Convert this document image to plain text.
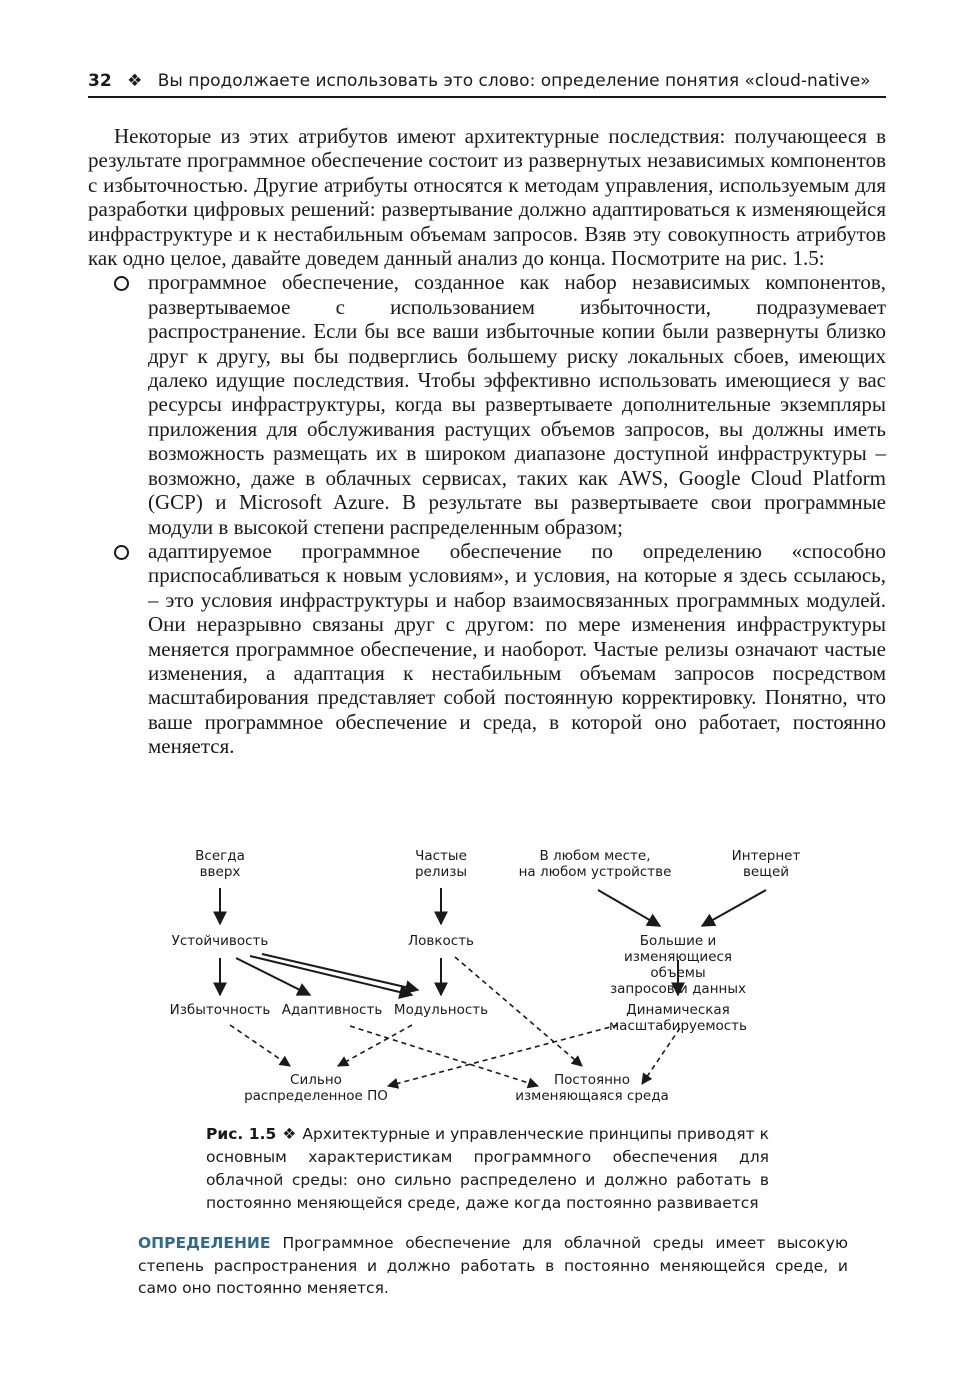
32 ❖ Вы продолжаете использовать это слово: определение понятия «cloud-native»

Некоторые из этих атрибутов имеют архитектурные последствия: получающееся в результате программное обеспечение состоит из развернутых независимых компонентов с избыточностью. Другие атрибуты относятся к методам управления, используемым для разработки цифровых решений: развертывание должно адаптироваться к изменяющейся инфраструктуре и к нестабильным объемам запросов. Взяв эту совокупность атрибутов как одно целое, давайте доведем данный анализ до конца. Посмотрите на рис. 1.5:

программное обеспечение, созданное как набор независимых компонентов, развертываемое с использованием избыточности, подразумевает распространение. Если бы все ваши избыточные копии были развернуты близко друг к другу, вы бы подверглись большему риску локальных сбоев, имеющих далеко идущие последствия. Чтобы эффективно использовать имеющиеся у вас ресурсы инфраструктуры, когда вы развертываете дополнительные экземпляры приложения для обслуживания растущих объемов запросов, вы должны иметь возможность размещать их в широком диапазоне доступной инфраструктуры – возможно, даже в облачных сервисах, таких как AWS, Google Cloud Platform (GCP) и Microsoft Azure. В результате вы развертываете свои программные модули в высокой степени распределенным образом;
адаптируемое программное обеспечение по определению «способно приспосабливаться к новым условиям», и условия, на которые я здесь ссылаюсь, – это условия инфраструктуры и набор взаимосвязанных программных модулей. Они неразрывно связаны друг с другом: по мере изменения инфраструктуры меняется программное обеспечение, и наоборот. Частые релизы означают частые изменения, а адаптация к нестабильным объемам запросов посредством масштабирования представляет собой постоянную корректировку. Понятно, что ваше программное обеспечение и среда, в которой оно работает, постоянно меняется.
Всегда
вверх
Частые
релизы
В любом месте,
на любом устройстве
Интернет
вещей
Устойчивость	Ловкость	Большие и изменяющиеся объемы
запросов и данных
Избыточность Адаптивность Модульность	Динамическая
масштабируемость
Сильно
распределенное ПО
Постоянно
изменяющаяся среда
Рис. 1.5 ❖ Архитектурные и управленческие принципы приводят к основным характеристикам программного обеспечения для облачной среды: оно сильно распределено и должно работать в постоянно меняющейся среде, даже когда постоянно развивается
ОПРЕДЕЛЕНИЕ Программное обеспечение для облачной среды имеет высокую степень распространения и должно работать в постоянно меняющейся среде, и само оно постоянно меняется.
